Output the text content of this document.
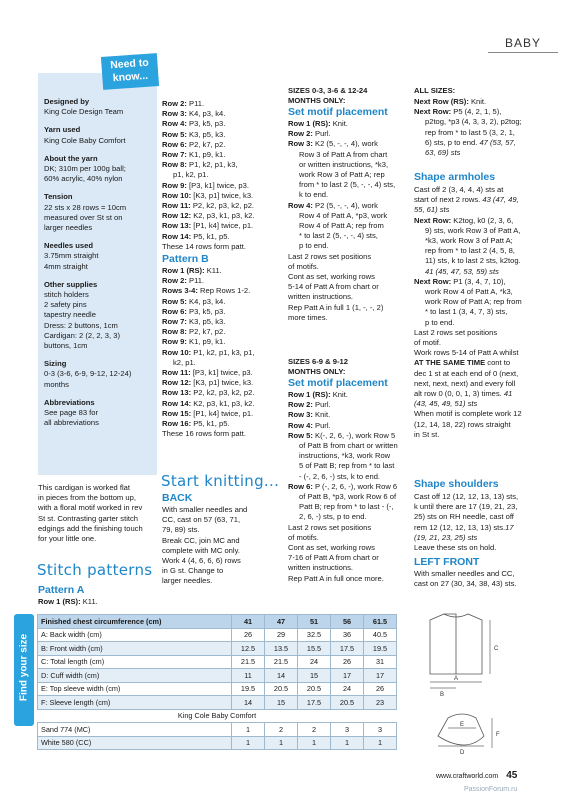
BABY
Need to
know...
Designed by
King Cole Design Team
Yarn used
King Cole Baby Comfort
About the yarn
DK; 310m per 100g ball;
60% acrylic, 40% nylon
Tension
22 sts x 28 rows = 10cm
measured over St st on
larger needles
Needles used
3.75mm straight
4mm straight
Other supplies
stitch holders
2 safety pins
tapestry needle
Dress: 2 buttons, 1cm
Cardigan: 2 (2, 2, 3, 3)
buttons, 1cm
Sizing
0-3 (3-6, 6-9, 9-12, 12-24)
months
Abbreviations
See page 83 for
all abbreviations
This cardigan is worked flat
in pieces from the bottom up,
with a floral motif worked in rev
St st. Contrasting garter stitch
edgings add the finishing touch
for your little one.
Stitch patterns
Pattern A
Row 1 (RS): K11.
Row 2: P11.
Row 3: K4, p3, k4.
Row 4: P3, k5, p3.
Row 5: K3, p5, k3.
Row 6: P2, k7, p2.
Row 7: K1, p9, k1.
Row 8: P1, k2, p1, k3,
p1, k2, p1.
Row 9: [P3, k1] twice, p3.
Row 10: [K3, p1] twice, k3.
Row 11: P2, k2, p3, k2, p2.
Row 12: K2, p3, k1, p3, k2.
Row 13: [P1, k4] twice, p1.
Row 14: P5, k1, p5.
These 14 rows form patt.
Pattern B
Row 1 (RS): K11.
Row 2: P11.
Rows 3-4: Rep Rows 1-2.
Row 5: K4, p3, k4.
Row 6: P3, k5, p3.
Row 7: K3, p5, k3.
Row 8: P2, k7, p2.
Row 9: K1, p9, k1.
Row 10: P1, k2, p1, k3, p1,
k2, p1.
Row 11: [P3, k1] twice, p3.
Row 12: [K3, p1] twice, k3.
Row 13: P2, k2, p3, k2, p2.
Row 14: K2, p3, k1, p3, k2.
Row 15: [P1, k4] twice, p1.
Row 16: P5, k1, p5.
These 16 rows form patt.
Start knitting...
BACK
With smaller needles and
CC, cast on 57 (63, 71,
79, 89) sts.
Break CC, join MC and
complete with MC only.
Work 4 (4, 6, 6, 6) rows
in G st. Change to
larger needles.
SIZES 0-3, 3-6 & 12-24
MONTHS ONLY:
Set motif placement
Row 1 (RS): Knit.
Row 2: Purl.
Row 3: K2 (5, -, -, 4), work
Row 3 of Patt A from chart
or written instructions, *k3,
work Row 3 of Patt A; rep
from * to last 2 (5, -, -, 4) sts,
k to end.
Row 4: P2 (5, -, -, 4), work
Row 4 of Patt A, *p3, work
Row 4 of Patt A; rep from
* to last 2 (5, -, -, 4) sts,
p to end.
Last 2 rows set positions
of motifs.
Cont as set, working rows
5-14 of Patt A from chart or
written instructions.
Rep Patt A in full 1 (1, -, -, 2)
more times.
SIZES 6-9 & 9-12
MONTHS ONLY:
Set motif placement
Row 1 (RS): Knit.
Row 2: Purl.
Row 3: Knit.
Row 4: Purl.
Row 5: K(-, 2, 6, -), work Row 5
of Patt B from chart or written
instructions, *k3, work Row
5 of Patt B; rep from * to last
- (-, 2, 6, -) sts, k to end.
Row 6: P (-, 2, 6, -), work Row 6
of Patt B, *p3, work Row 6 of
Patt B; rep from * to last - (-,
2, 6, -) sts, p to end.
Last 2 rows set positions
of motifs.
Cont as set, working rows
7-16 of Patt A from chart or
written instructions.
Rep Patt A in full once more.
ALL SIZES:
Next Row (RS): Knit.
Next Row: P5 (4, 2, 1, 5),
p2tog, *p3 (4, 3, 3, 2), p2tog;
rep from * to last 5 (3, 2, 1,
6) sts, p to end. 47 (53, 57,
63, 69) sts
Shape armholes
Cast off 2 (3, 4, 4, 4) sts at
start of next 2 rows. 43 (47, 49,
55, 61) sts
Next Row: K2tog, k0 (2, 3, 6,
9) sts, work Row 3 of Patt A,
*k3, work Row 3 of Patt A;
rep from * to last 2 (4, 5, 8,
11) sts, k to last 2 sts, k2tog.
41 (45, 47, 53, 59) sts
Next Row: P1 (3, 4, 7, 10),
work Row 4 of Patt A, *k3,
work Row of Patt A; rep from
* to last 1 (3, 4, 7, 3) sts,
p to end.
Last 2 rows set positions
of motif.
Work rows 5-14 of Patt A whilst
AT THE SAME TIME cont to
dec 1 st at each end of 0 (next,
next, next, next) and every foll
alt row 0 (0, 0, 1, 3) times. 41
(43, 45, 49, 51) sts
When motif is complete work 12
(12, 14, 18, 22) rows straight
in St st.
Shape shoulders
Cast off 12 (12, 12, 13, 13) sts,
k until there are 17 (19, 21, 23,
25) sts on RH needle, cast off
rem 12 (12, 12, 13, 13) sts.17
(19, 21, 23, 25) sts
Leave these sts on hold.
LEFT FRONT
With smaller needles and CC,
cast on 27 (30, 34, 38, 43) sts.
Find your size
Finished chest circumference (cm)	41	47	51	56	61.5
A: Back width (cm)	26	29	32.5	36	40.5
B: Front width (cm)	12.5	13.5	15.5	17.5	19.5
C: Total length (cm)	21.5	21.5	24	26	31
D: Cuff width (cm)	11	14	15	17	17
E: Top sleeve width (cm)	19.5	20.5	20.5	24	26
F: Sleeve length (cm)	14	15	17.5	20.5	23
King Cole Baby Comfort					
Sand 774 (MC)	1	2	2	3	3
White 580 (CC)	1	1	1	1	1
A
B
C
D
E
F
www.craftworld.com 45
PassionForum.ru
